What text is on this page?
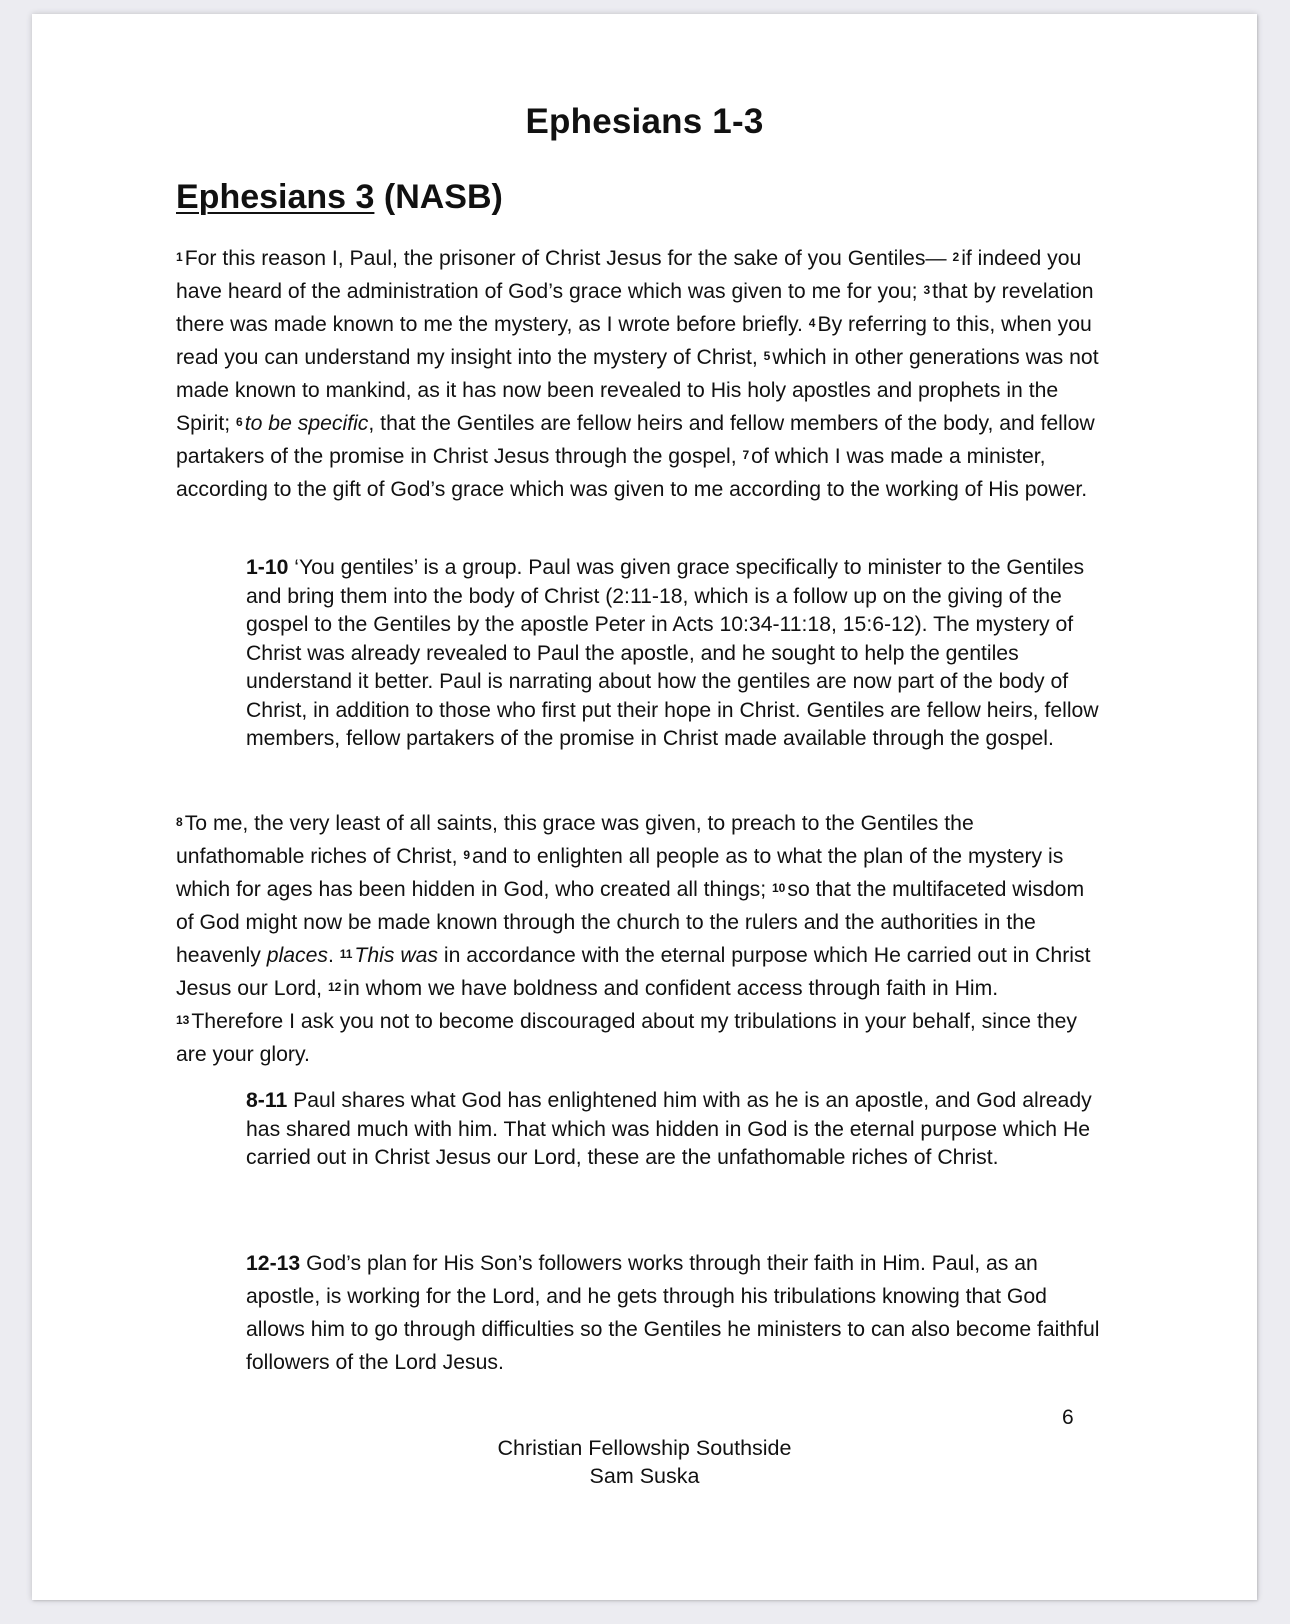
Ephesians 1-3
Ephesians 3 (NASB)

$^1$For this reason I, Paul, the prisoner of Christ Jesus for the sake of you Gentiles— $^2$if indeed you have heard of the administration of God’s grace which was given to me for you; $^3$that by revelation there was made known to me the mystery, as I wrote before briefly. $^4$By referring to this, when you read you can understand my insight into the mystery of Christ, $^5$which in other generations was not made known to mankind, as it has now been revealed to His holy apostles and prophets in the Spirit; $^6$to be specific, that the Gentiles are fellow heirs and fellow members of the body, and fellow partakers of the promise in Christ Jesus through the gospel, $^7$of which I was made a minister, according to the gift of God’s grace which was given to me according to the working of His power.

1-10 ‘You gentiles’ is a group. Paul was given grace specifically to minister to the Gentiles and bring them into the body of Christ (2:11-18, which is a follow up on the giving of the gospel to the Gentiles by the apostle Peter in Acts 10:34-11:18, 15:6-12). The mystery of Christ was already revealed to Paul the apostle, and he sought to help the gentiles understand it better. Paul is narrating about how the gentiles are now part of the body of Christ, in addition to those who first put their hope in Christ. Gentiles are fellow heirs, fellow members, fellow partakers of the promise in Christ made available through the gospel.

$^8$To me, the very least of all saints, this grace was given, to preach to the Gentiles the unfathomable riches of Christ, $^9$and to enlighten all people as to what the plan of the mystery is which for ages has been hidden in God, who created all things; $^{10}$so that the multifaceted wisdom of God might now be made known through the church to the rulers and the authorities in the heavenly places. $^{11}$This was in accordance with the eternal purpose which He carried out in Christ Jesus our Lord, $^{12}$in whom we have boldness and confident access through faith in Him. $^{13}$Therefore I ask you not to become discouraged about my tribulations in your behalf, since they are your glory.

8-11 Paul shares what God has enlightened him with as he is an apostle, and God already has shared much with him. That which was hidden in God is the eternal purpose which He carried out in Christ Jesus our Lord, these are the unfathomable riches of Christ.

12-13 God’s plan for His Son’s followers works through their faith in Him. Paul, as an apostle, is working for the Lord, and he gets through his tribulations knowing that God allows him to go through difficulties so the Gentiles he ministers to can also become faithful followers of the Lord Jesus.

6
Christian Fellowship Southside
Sam Suska
